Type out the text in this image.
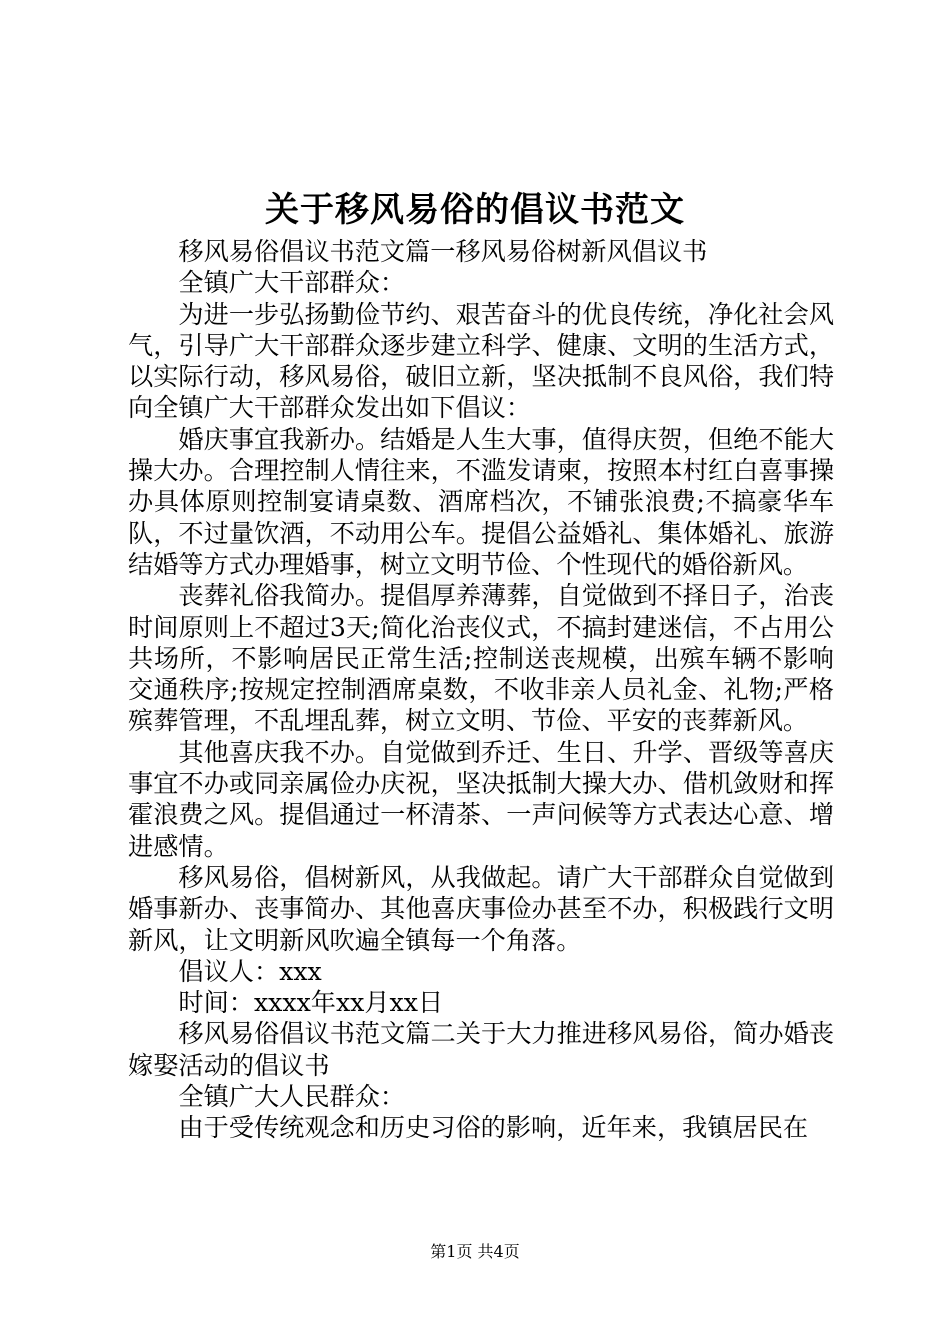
关于移风易俗的倡议书范文

移风易俗倡议书范文篇一移风易俗树新风倡议书

全镇广大干部群众：

为进一步弘扬勤俭节约、艰苦奋斗的优良传统，净化社会风气，引导广大干部群众逐步建立科学、健康、文明的生活方式，以实际行动，移风易俗，破旧立新，坚决抵制不良风俗，我们特向全镇广大干部群众发出如下倡议：

婚庆事宜我新办。结婚是人生大事，值得庆贺，但绝不能大操大办。合理控制人情往来，不滥发请柬，按照本村红白喜事操办具体原则控制宴请桌数、酒席档次，不铺张浪费;不搞豪华车队，不过量饮酒，不动用公车。提倡公益婚礼、集体婚礼、旅游结婚等方式办理婚事，树立文明节俭、个性现代的婚俗新风。

丧葬礼俗我简办。提倡厚养薄葬，自觉做到不择日子，治丧时间原则上不超过3天;简化治丧仪式，不搞封建迷信，不占用公共场所，不影响居民正常生活;控制送丧规模，出殡车辆不影响交通秩序;按规定控制酒席桌数，不收非亲人员礼金、礼物;严格殡葬管理，不乱埋乱葬，树立文明、节俭、平安的丧葬新风。

其他喜庆我不办。自觉做到乔迁、生日、升学、晋级等喜庆事宜不办或同亲属俭办庆祝，坚决抵制大操大办、借机敛财和挥霍浪费之风。提倡通过一杯清茶、一声问候等方式表达心意、增进感情。

移风易俗，倡树新风，从我做起。请广大干部群众自觉做到婚事新办、丧事简办、其他喜庆事俭办甚至不办，积极践行文明新风，让文明新风吹遍全镇每一个角落。

倡议人：xxx

时间：xxxx年xx月xx日

移风易俗倡议书范文篇二关于大力推进移风易俗，简办婚丧嫁娶活动的倡议书

全镇广大人民群众：

由于受传统观念和历史习俗的影响，近年来，我镇居民在

第1页 共4页
